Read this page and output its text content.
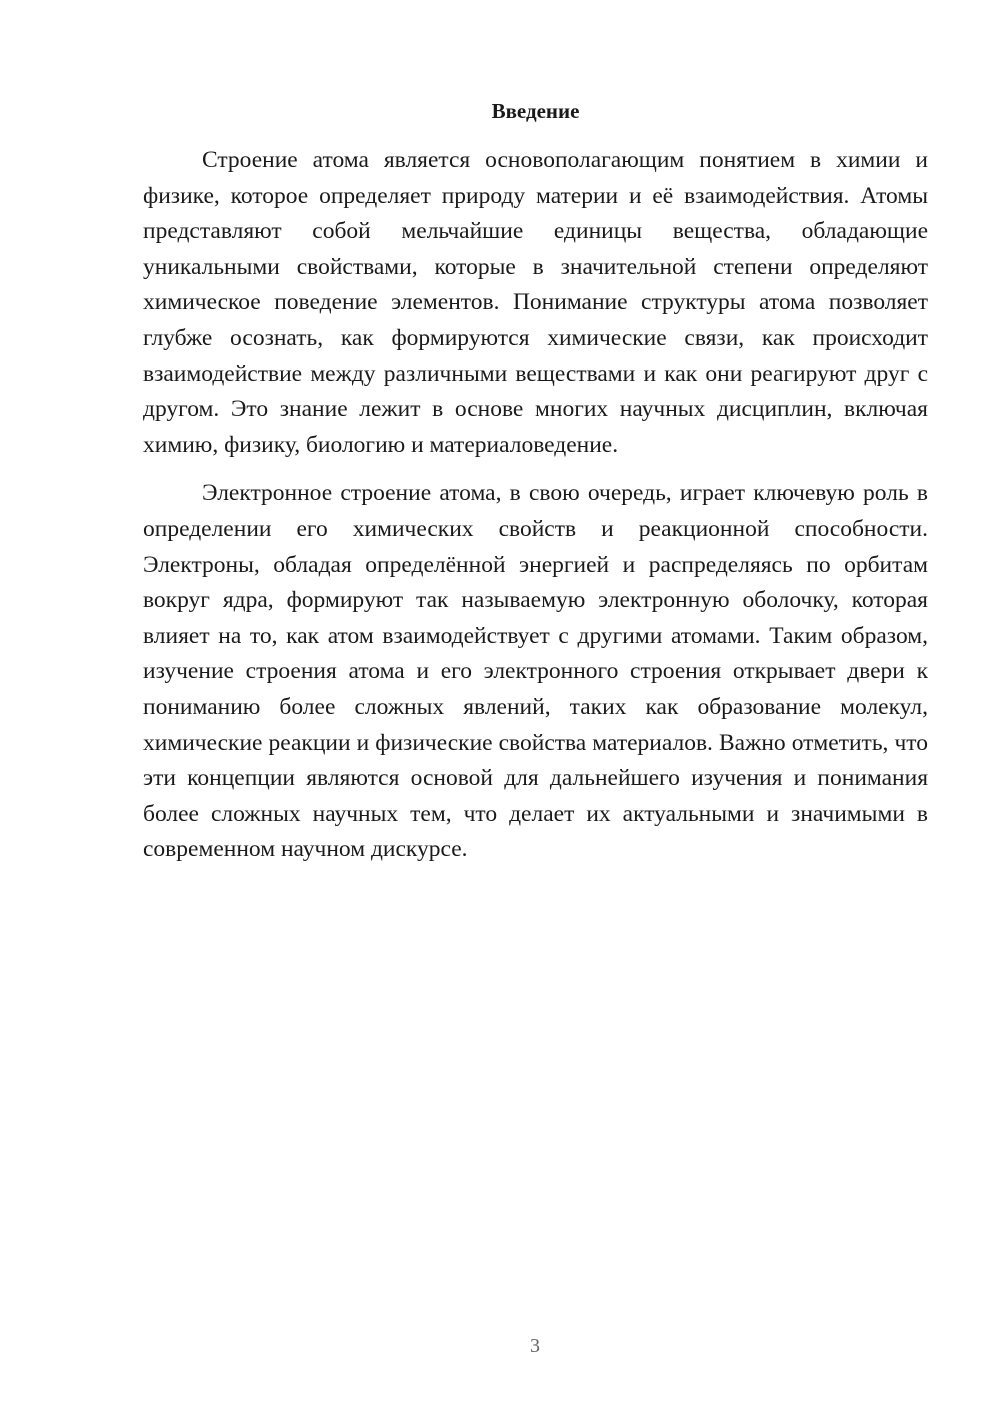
Введение

Строение атома является основополагающим понятием в химии и физике, которое определяет природу материи и её взаимодействия. Атомы представляют собой мельчайшие единицы вещества, обладающие уникальными свойствами, которые в значительной степени определяют химическое поведение элементов. Понимание структуры атома позволяет глубже осознать, как формируются химические связи, как происходит взаимодействие между различными веществами и как они реагируют друг с другом. Это знание лежит в основе многих научных дисциплин, включая химию, физику, биологию и материаловедение.

Электронное строение атома, в свою очередь, играет ключевую роль в определении его химических свойств и реакционной способности. Электроны, обладая определённой энергией и распределяясь по орбитам вокруг ядра, формируют так называемую электронную оболочку, которая влияет на то, как атом взаимодействует с другими атомами. Таким образом, изучение строения атома и его электронного строения открывает двери к пониманию более сложных явлений, таких как образование молекул, химические реакции и физические свойства материалов. Важно отметить, что эти концепции являются основой для дальнейшего изучения и понимания более сложных научных тем, что делает их актуальными и значимыми в современном научном дискурсе.

3
